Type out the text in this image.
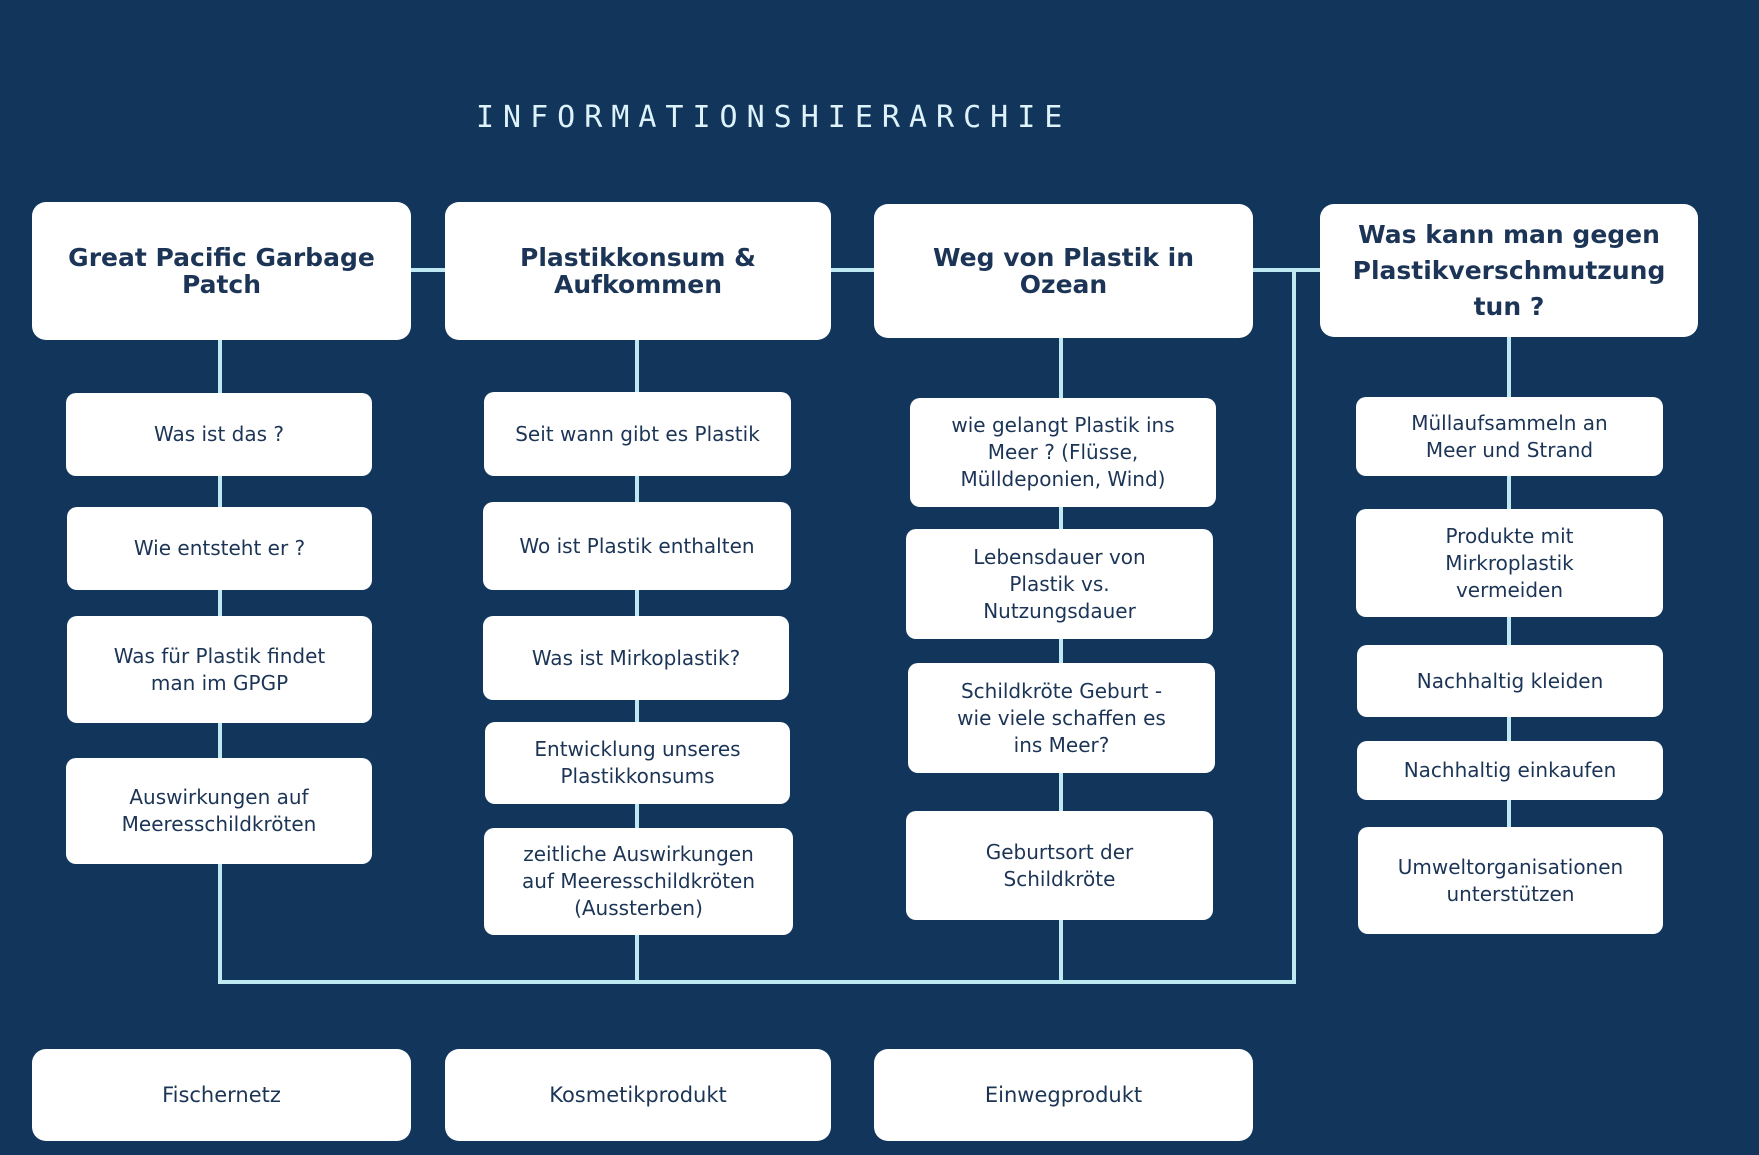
INFORMATIONSHIERARCHIE
Great Pacific Garbage
Patch
Was ist das ?
Wie entsteht er ?
Was für Plastik findet
man im GPGP
Auswirkungen auf
Meeresschildkröten
Plastikkonsum &
Aufkommen
Seit wann gibt es Plastik
Wo ist Plastik enthalten
Was ist Mirkoplastik?
Entwicklung unseres
Plastikkonsums
zeitliche Auswirkungen
auf Meeresschildkröten
(Aussterben)
Weg von Plastik in
Ozean
wie gelangt Plastik ins
Meer ? (Flüsse,
Mülldeponien, Wind)
Lebensdauer von
Plastik vs.
Nutzungsdauer
Schildkröte Geburt -
wie viele schaffen es
ins Meer?
Geburtsort der
Schildkröte
Was kann man gegen
Plastikverschmutzung
tun ?
Müllaufsammeln an
Meer und Strand
Produkte mit
Mirkroplastik
vermeiden
Nachhaltig kleiden
Nachhaltig einkaufen
Umweltorganisationen
unterstützen
Fischernetz	Kosmetikprodukt	Einwegprodukt
